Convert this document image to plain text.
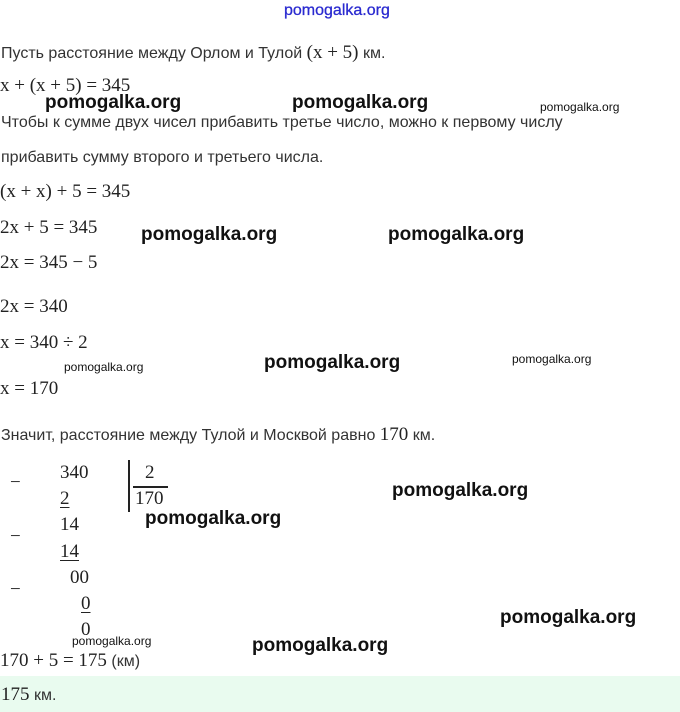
pomogalka.org
Пусть расстояние между Орлом и Тулой (x + 5) км.
x + (x + 5) = 345
pomogalka.org	pomogalka.org	pomogalka.org
Чтобы к сумме двух чисел прибавить третье число, можно к первому числу
прибавить сумму второго и третьего числа.
(x + x) + 5 = 345
2x + 5 = 345 pomogalka.org	pomogalka.org
2x = 345 − 5
2x = 340
x = 340 ÷ 2
pomogalka.org	pomogalka.org
pomogalka.org
x = 170
Значит, расстояние между Тулой и Москвой равно 170 км.
− 340
2
2
170	pomogalka.org
pomogalka.org
14
−
14
00
−
0
0
pomogalka.org
pomogalka.org	pomogalka.org
170 + 5 = 175 (км)
175 км.
